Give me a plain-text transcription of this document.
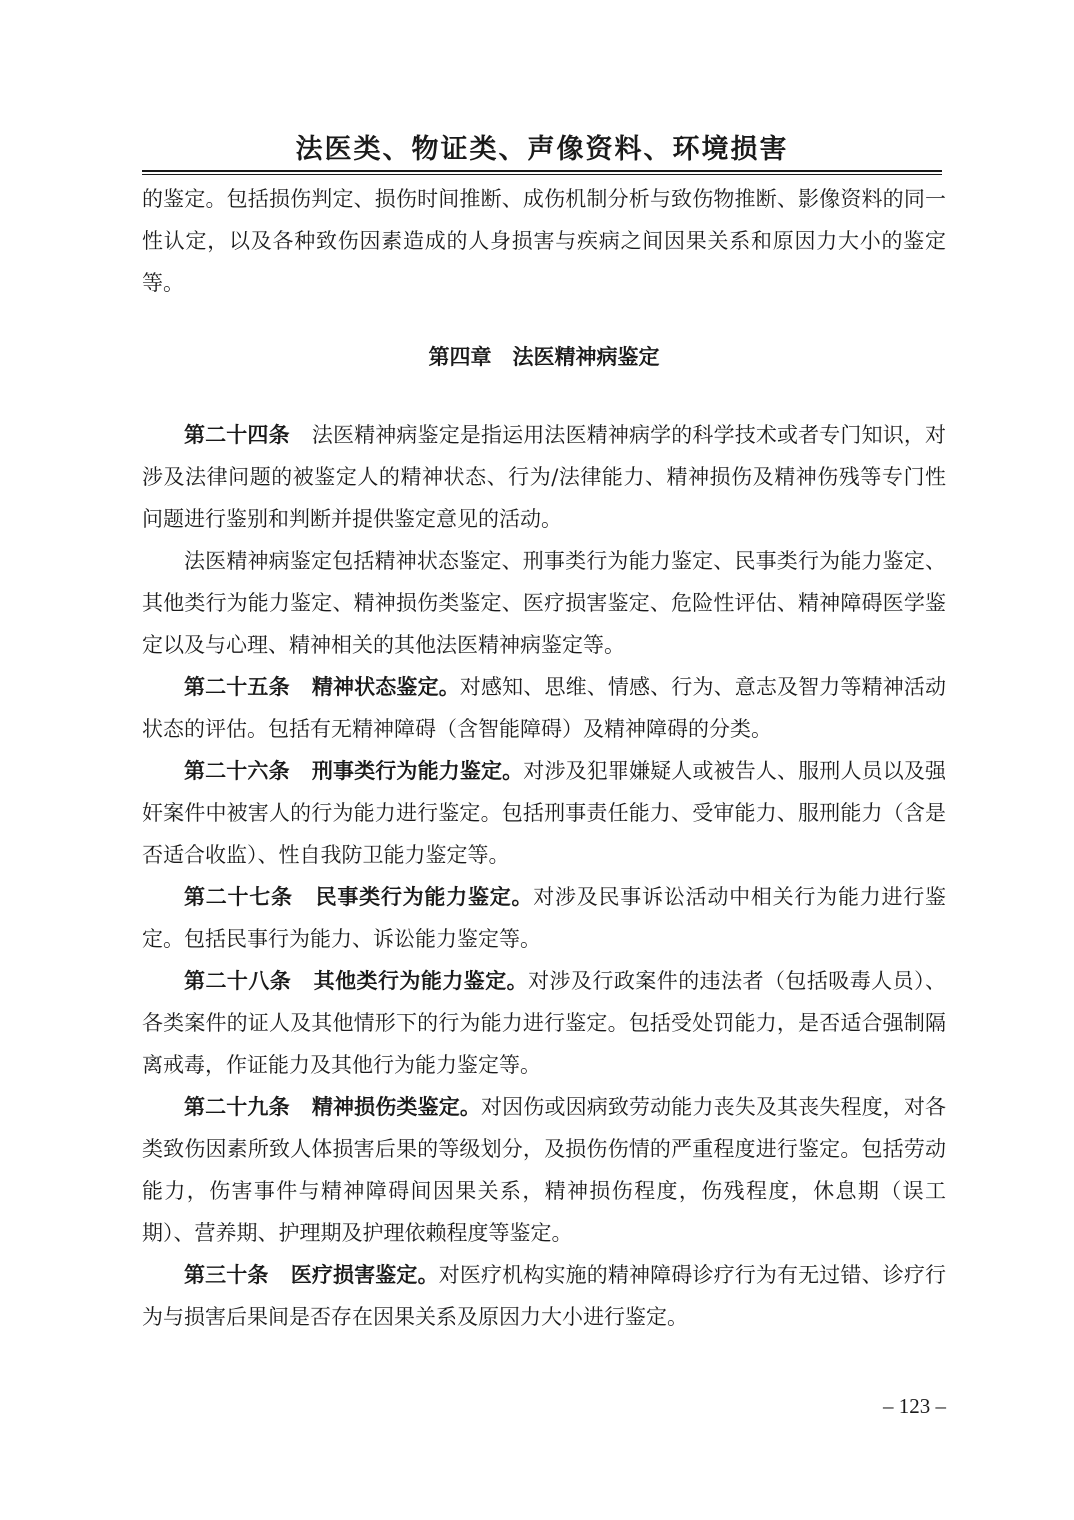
法医类、物证类、声像资料、环境损害

的鉴定。包括损伤判定、损伤时间推断、成伤机制分析与致伤物推断、影像资料的同一性认定，以及各种致伤因素造成的人身损害与疾病之间因果关系和原因力大小的鉴定等。

第四章　法医精神病鉴定

第二十四条 法医精神病鉴定是指运用法医精神病学的科学技术或者专门知识，对涉及法律问题的被鉴定人的精神状态、行为/法律能力、精神损伤及精神伤残等专门性问题进行鉴别和判断并提供鉴定意见的活动。

法医精神病鉴定包括精神状态鉴定、刑事类行为能力鉴定、民事类行为能力鉴定、其他类行为能力鉴定、精神损伤类鉴定、医疗损害鉴定、危险性评估、精神障碍医学鉴定以及与心理、精神相关的其他法医精神病鉴定等。

第二十五条 精神状态鉴定。对感知、思维、情感、行为、意志及智力等精神活动状态的评估。包括有无精神障碍（含智能障碍）及精神障碍的分类。

第二十六条 刑事类行为能力鉴定。对涉及犯罪嫌疑人或被告人、服刑人员以及强奸案件中被害人的行为能力进行鉴定。包括刑事责任能力、受审能力、服刑能力（含是否适合收监）、性自我防卫能力鉴定等。

第二十七条 民事类行为能力鉴定。对涉及民事诉讼活动中相关行为能力进行鉴定。包括民事行为能力、诉讼能力鉴定等。

第二十八条 其他类行为能力鉴定。对涉及行政案件的违法者（包括吸毒人员）、各类案件的证人及其他情形下的行为能力进行鉴定。包括受处罚能力，是否适合强制隔离戒毒，作证能力及其他行为能力鉴定等。

第二十九条 精神损伤类鉴定。对因伤或因病致劳动能力丧失及其丧失程度，对各类致伤因素所致人体损害后果的等级划分，及损伤伤情的严重程度进行鉴定。包括劳动能力，伤害事件与精神障碍间因果关系，精神损伤程度，伤残程度，休息期（误工期）、营养期、护理期及护理依赖程度等鉴定。

第三十条 医疗损害鉴定。对医疗机构实施的精神障碍诊疗行为有无过错、诊疗行为与损害后果间是否存在因果关系及原因力大小进行鉴定。

– 123 –
